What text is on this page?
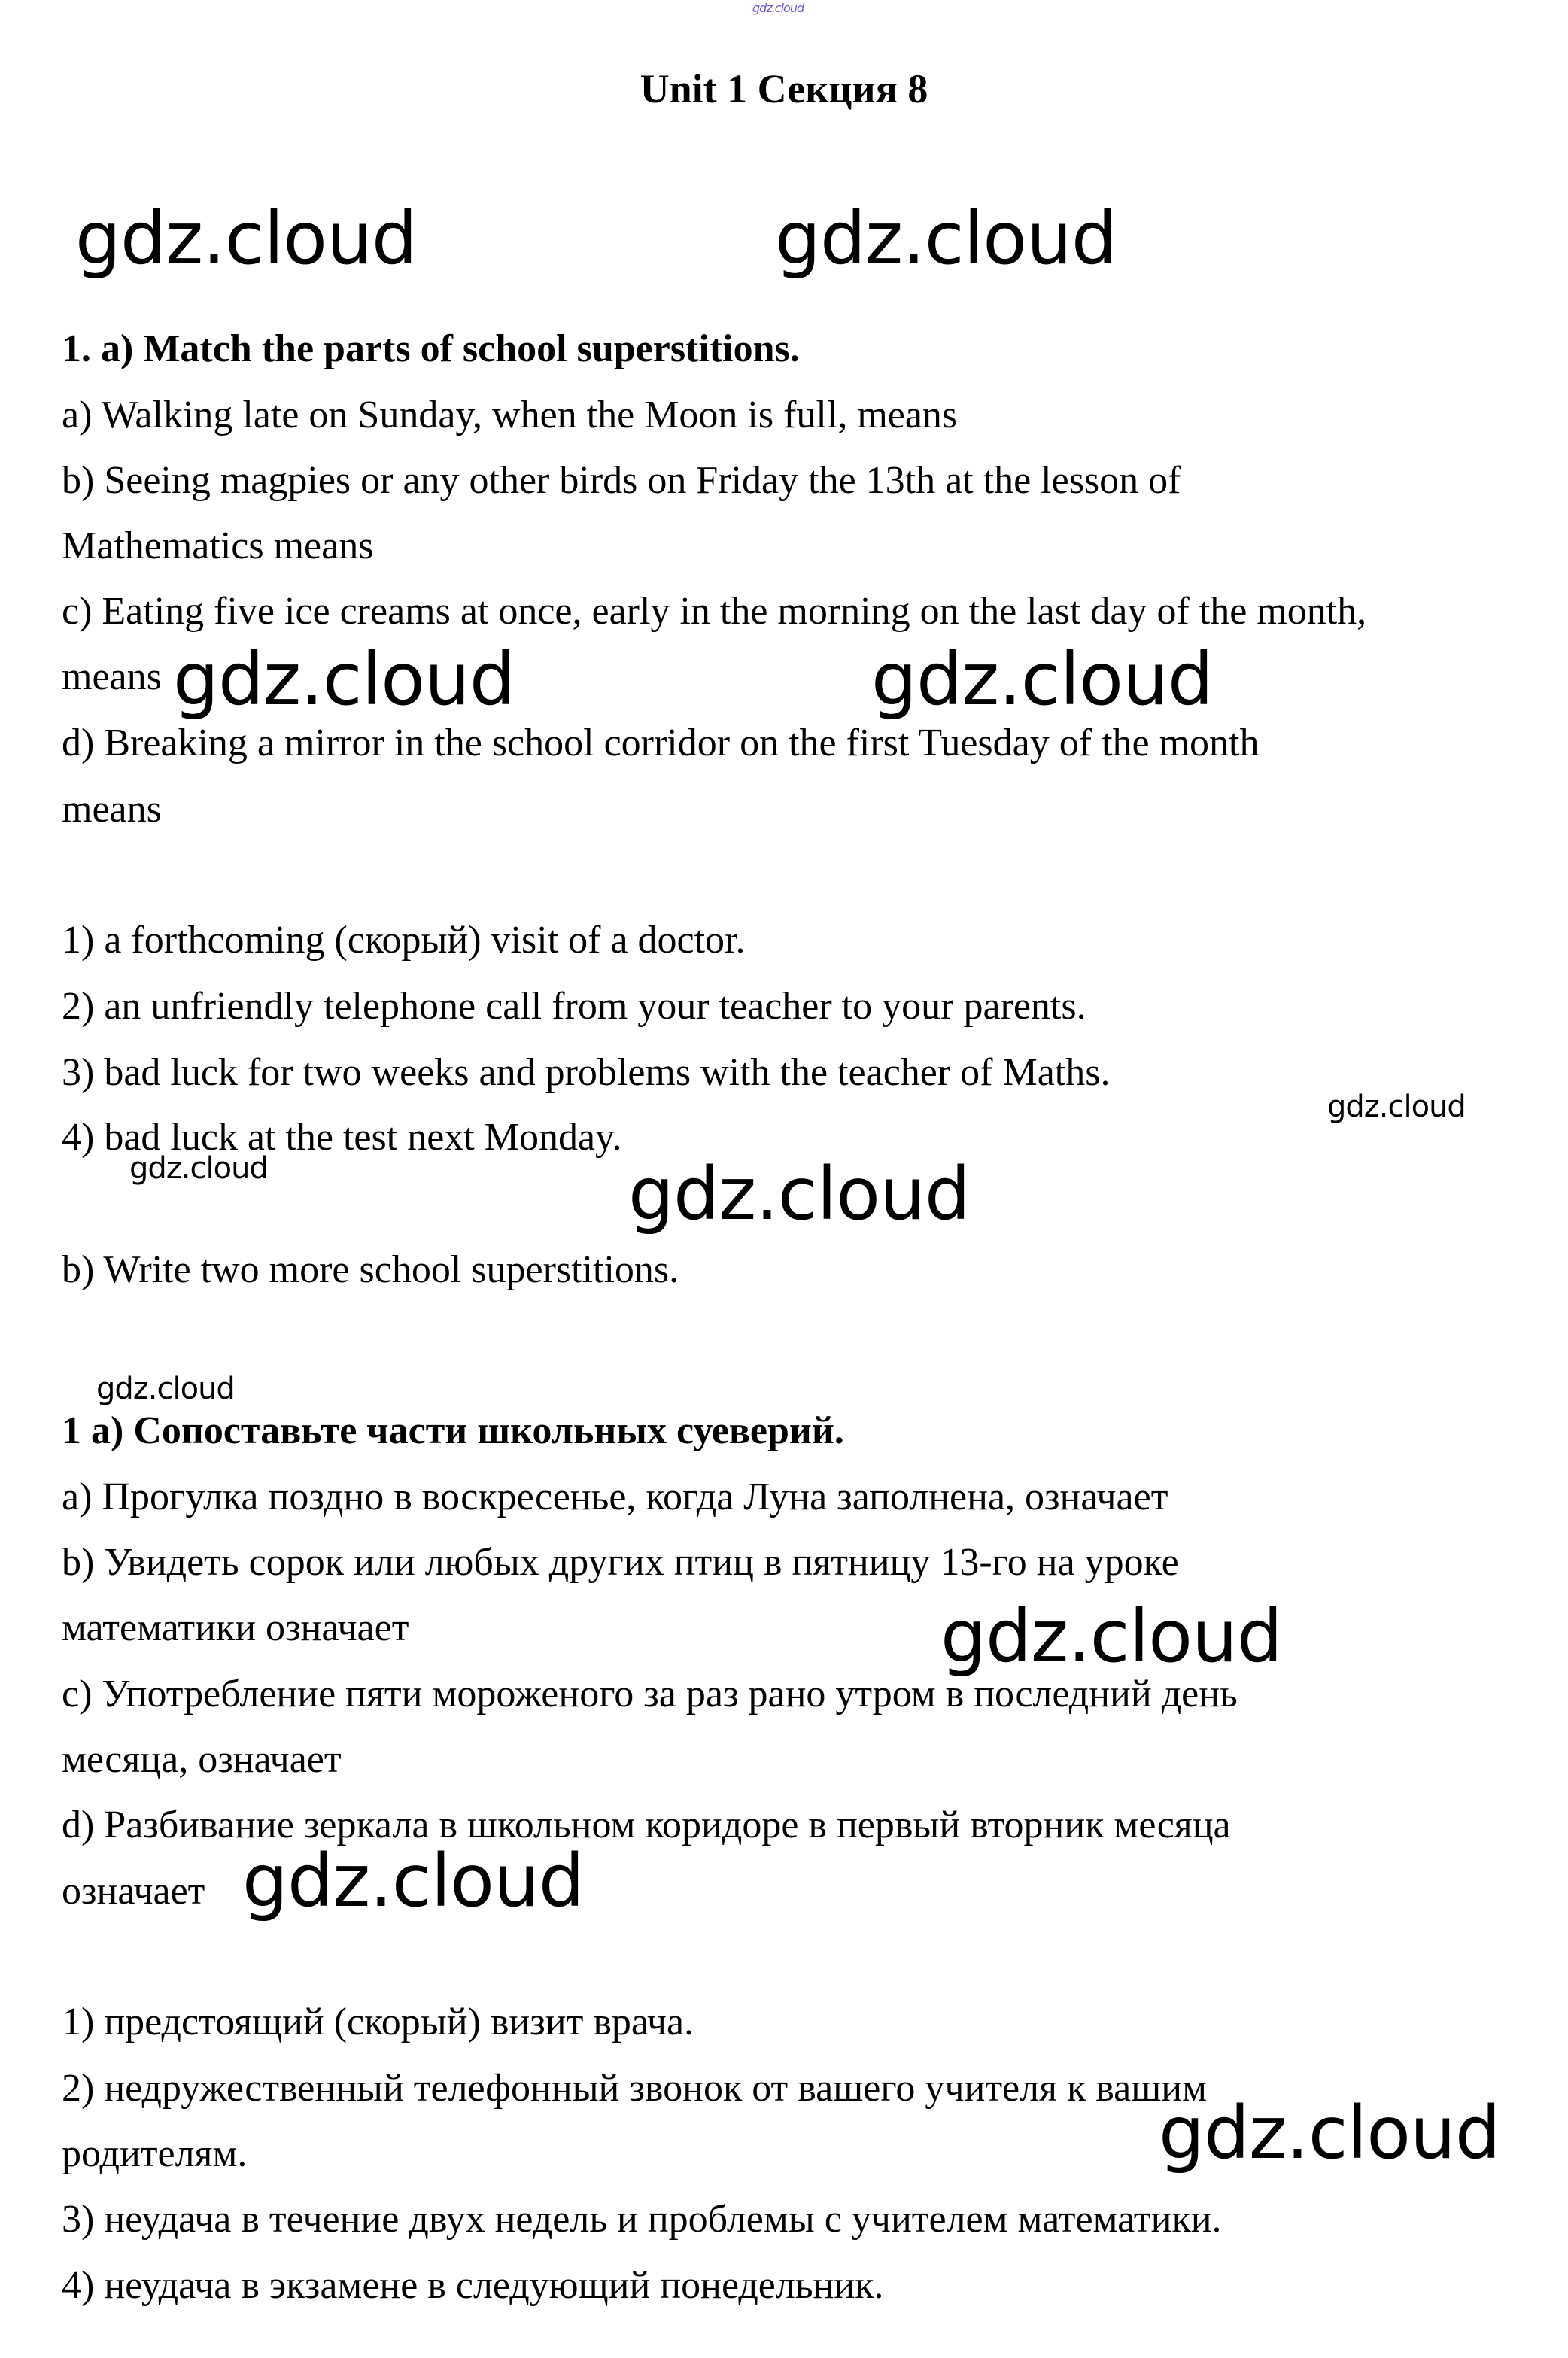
gdz.cloud
Unit 1 Секция 8
gdz.cloud	gdz.cloud
gdz.cloud	gdz.cloud
gdz.cloud
gdz.cloud	gdz.cloud
gdz.cloud
gdz.cloud
gdz.cloud
gdz.cloud
1. a) Match the parts of school superstitions.
a) Walking late on Sunday, when the Moon is full, means
b) Seeing magpies or any other birds on Friday the 13th at the lesson of
Mathematics means
c) Eating five ice creams at once, early in the morning on the last day of the month,
means
d) Breaking a mirror in the school corridor on the first Tuesday of the month
means
1) a forthcoming (скорый) visit of a doctor.
2) an unfriendly telephone call from your teacher to your parents.
3) bad luck for two weeks and problems with the teacher of Maths.
4) bad luck at the test next Monday.
b) Write two more school superstitions.
1 а) Сопоставьте части школьных суеверий.
a) Прогулка поздно в воскресенье, когда Луна заполнена, означает
b) Увидеть сорок или любых других птиц в пятницу 13-го на уроке
математики означает
c) Употребление пяти мороженого за раз рано утром в последний день
месяца, означает
d) Разбивание зеркала в школьном коридоре в первый вторник месяца
означает
1) предстоящий (скорый) визит врача.
2) недружественный телефонный звонок от вашего учителя к вашим
родителям.
3) неудача в течение двух недель и проблемы с учителем математики.
4) неудача в экзамене в следующий понедельник.
